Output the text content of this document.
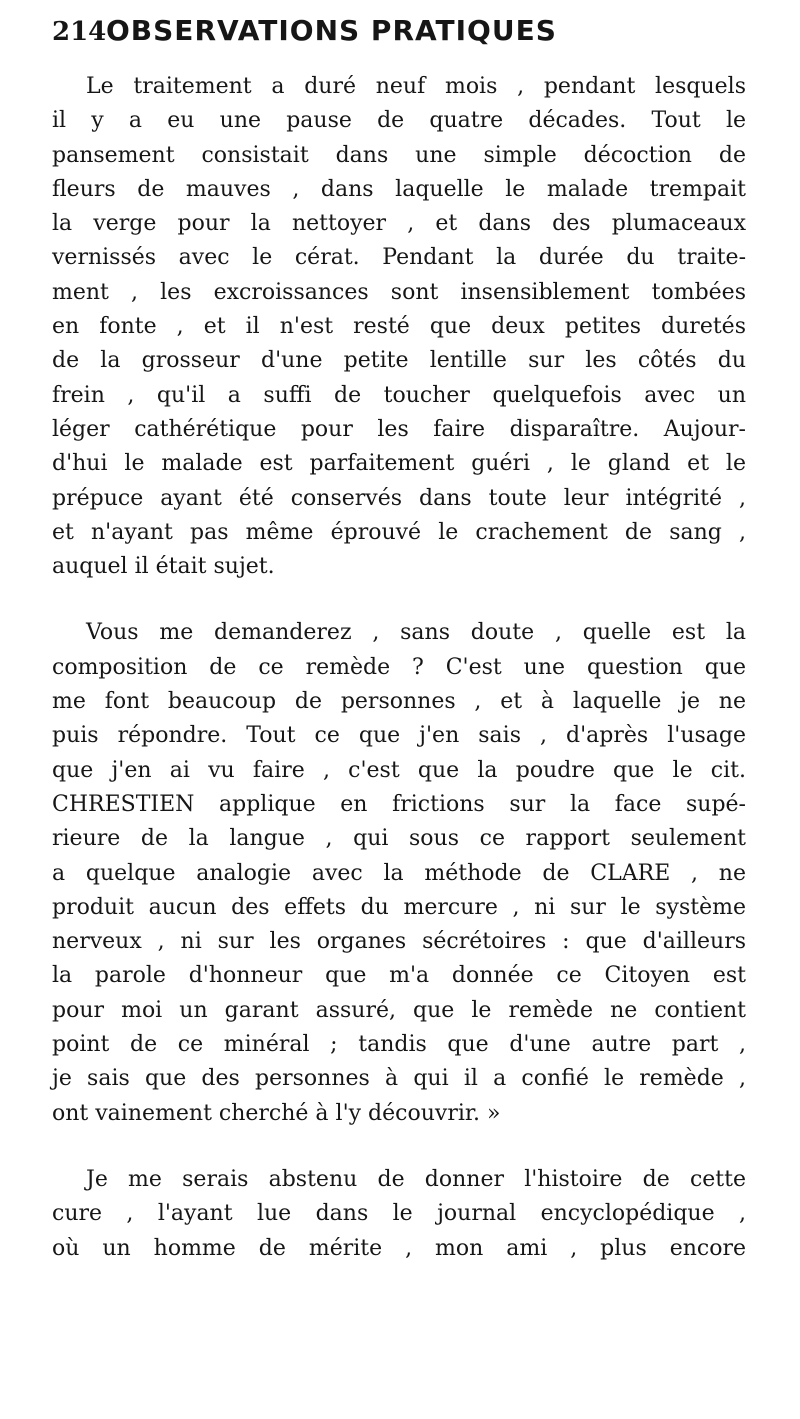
214 OBSERVATIONS PRATIQUES
Le traitement a duré neuf mois , pendant lesquels
il y a eu une pause de quatre décades. Tout le
pansement consistait dans une simple décoction de
fleurs de mauves , dans laquelle le malade trempait
la verge pour la nettoyer , et dans des plumaceaux
vernissés avec le cérat. Pendant la durée du traite-
ment , les excroissances sont insensiblement tombées
en fonte , et il n'est resté que deux petites duretés
de la grosseur d'une petite lentille sur les côtés du
frein , qu'il a suffi de toucher quelquefois avec un
léger cathérétique pour les faire disparaître. Aujour-
d'hui le malade est parfaitement guéri , le gland et le
prépuce ayant été conservés dans toute leur intégrité ,
et n'ayant pas même éprouvé le crachement de sang ,
auquel il était sujet.
Vous me demanderez , sans doute , quelle est la
composition de ce remède ? C'est une question que
me font beaucoup de personnes , et à laquelle je ne
puis répondre. Tout ce que j'en sais , d'après l'usage
que j'en ai vu faire , c'est que la poudre que le cit.
CHRESTIEN applique en frictions sur la face supé-
rieure de la langue , qui sous ce rapport seulement
a quelque analogie avec la méthode de CLARE , ne
produit aucun des effets du mercure , ni sur le système
nerveux , ni sur les organes sécrétoires : que d'ailleurs
la parole d'honneur que m'a donnée ce Citoyen est
pour moi un garant assuré, que le remède ne contient
point de ce minéral ; tandis que d'une autre part ,
je sais que des personnes à qui il a confié le remède ,
ont vainement cherché à l'y découvrir. »
Je me serais abstenu de donner l'histoire de cette
cure , l'ayant lue dans le journal encyclopédique ,
où un homme de mérite , mon ami , plus encore
